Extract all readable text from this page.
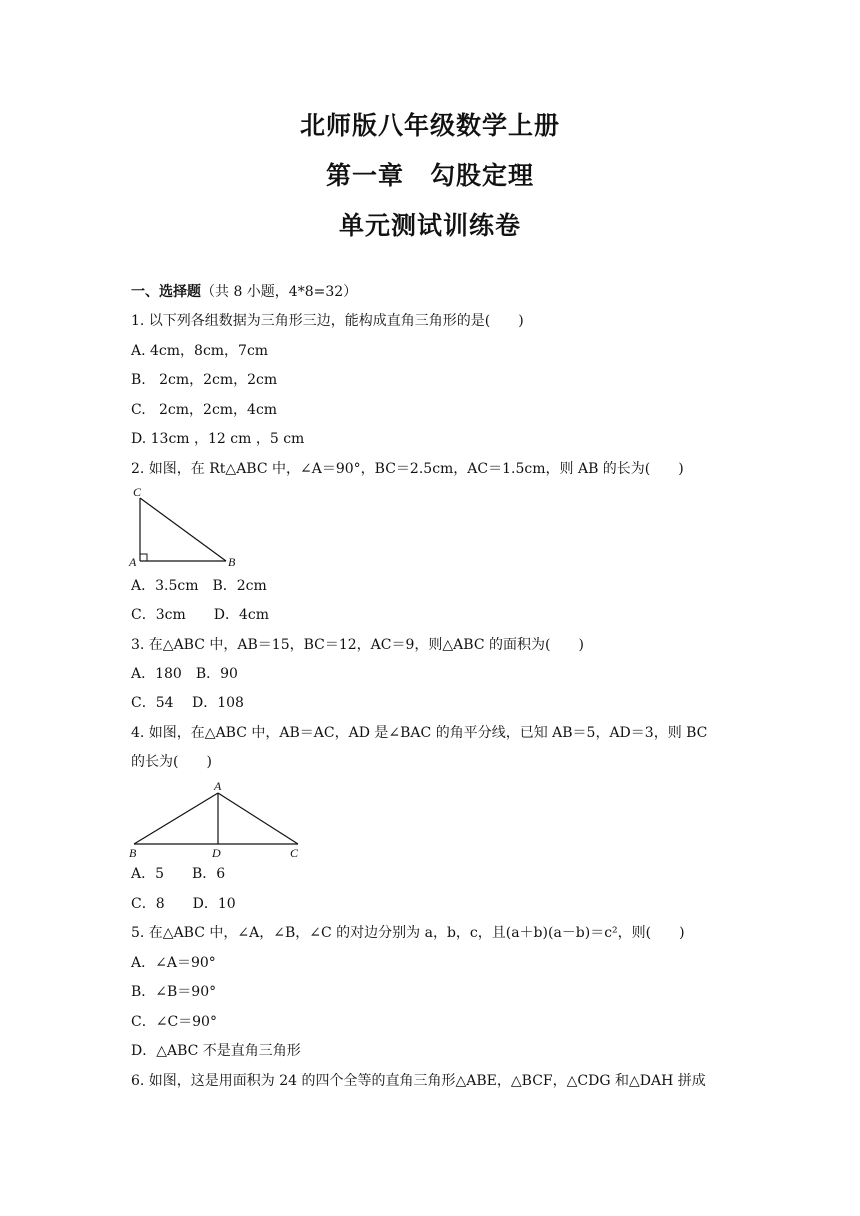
北师版八年级数学上册
第一章　勾股定理
单元测试训练卷
一、选择题（共 8 小题，4*8=32）
1. 以下列各组数据为三角形三边，能构成直角三角形的是(　　)
A. 4cm，8cm，7cm
B.   2cm，2cm，2cm
C.   2cm，2cm，4cm
D. 13cm ，12 cm ，5 cm
2. 如图，在 Rt△ABC 中，∠A＝90°，BC＝2.5cm，AC＝1.5cm，则 AB 的长为(　　)
C
A	B
A．3.5cm　B．2cm
C．3cm　　D．4cm
3. 在△ABC 中，AB＝15，BC＝12，AC＝9，则△ABC 的面积为(　　)
A．180　B．90
C．54　 D．108
4. 如图，在△ABC 中，AB＝AC，AD 是∠BAC 的角平分线，已知 AB＝5，AD＝3，则 BC
的长为(　　)
A
B	D	C
A．5　　B．6
C．8　　D．10
5. 在△ABC 中，∠A，∠B，∠C 的对边分别为 a，b，c，且(a＋b)(a－b)＝c²，则(　　)
A．∠A＝90°
B．∠B＝90°
C．∠C＝90°
D．△ABC 不是直角三角形
6. 如图，这是用面积为 24 的四个全等的直角三角形△ABE，△BCF，△CDG 和△DAH 拼成
